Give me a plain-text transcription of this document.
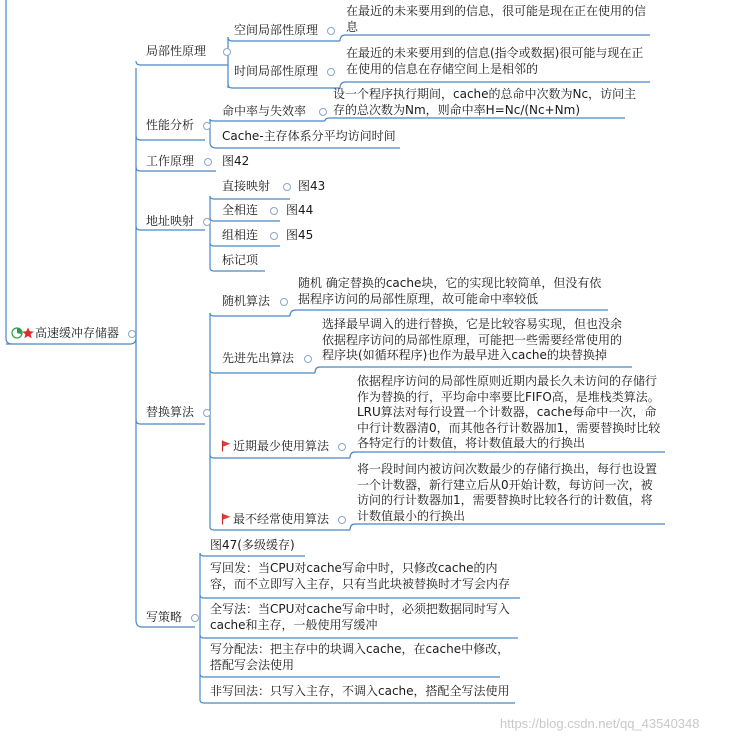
高速缓冲存储器
局部性原理
性能分析
工作原理
地址映射
替换算法
写策略
空间局部性原理
在最近的未来要用到的信息，很可能是现在正在使用的信
息
时间局部性原理
在最近的未来要用到的信息(指令或数据)很可能与现在正
在使用的信息在存储空间上是相邻的
命中率与失效率
设一个程序执行期间，cache的总命中次数为Nc，访问主
存的总次数为Nm，则命中率H=Nc/(Nc+Nm)
Cache-主存体系分平均访问时间
图42
直接映射 图43
全相连 图44
组相连 图45
标记项
随机算法
随机 确定替换的cache块，它的实现比较简单，但没有依
据程序访问的局部性原理，故可能命中率较低
先进先出算法
选择最早调入的进行替换，它是比较容易实现，但也没余
依据程序访问的局部性原理，可能把一些需要经常使用的
程序块(如循环程序)也作为最早进入cache的块替换掉
近期最少使用算法
依据程序访问的局部性原则近期内最长久未访问的存储行
作为替换的行，平均命中率要比FIFO高，是堆栈类算法。
LRU算法对每行设置一个计数器，cache每命中一次，命
中行计数器清0，而其他各行计数器加1，需要替换时比较
各特定行的计数值，将计数值最大的行换出
最不经常使用算法
将一段时间内被访问次数最少的存储行换出，每行也设置
一个计数器，新行建立后从0开始计数，每访问一次，被
访问的行计数器加1，需要替换时比较各行的计数值，将
计数值最小的行换出
图47(多级缓存)
写回发：当CPU对cache写命中时，只修改cache的内
容，而不立即写入主存，只有当此块被替换时才写会内存
全写法：当CPU对cache写命中时，必须把数据同时写入
cache和主存，一般使用写缓冲
写分配法：把主存中的块调入cache，在cache中修改，
搭配写会法使用
非写回法：只写入主存，不调入cache，搭配全写法使用
https://blog.csdn.net/qq_43540348
